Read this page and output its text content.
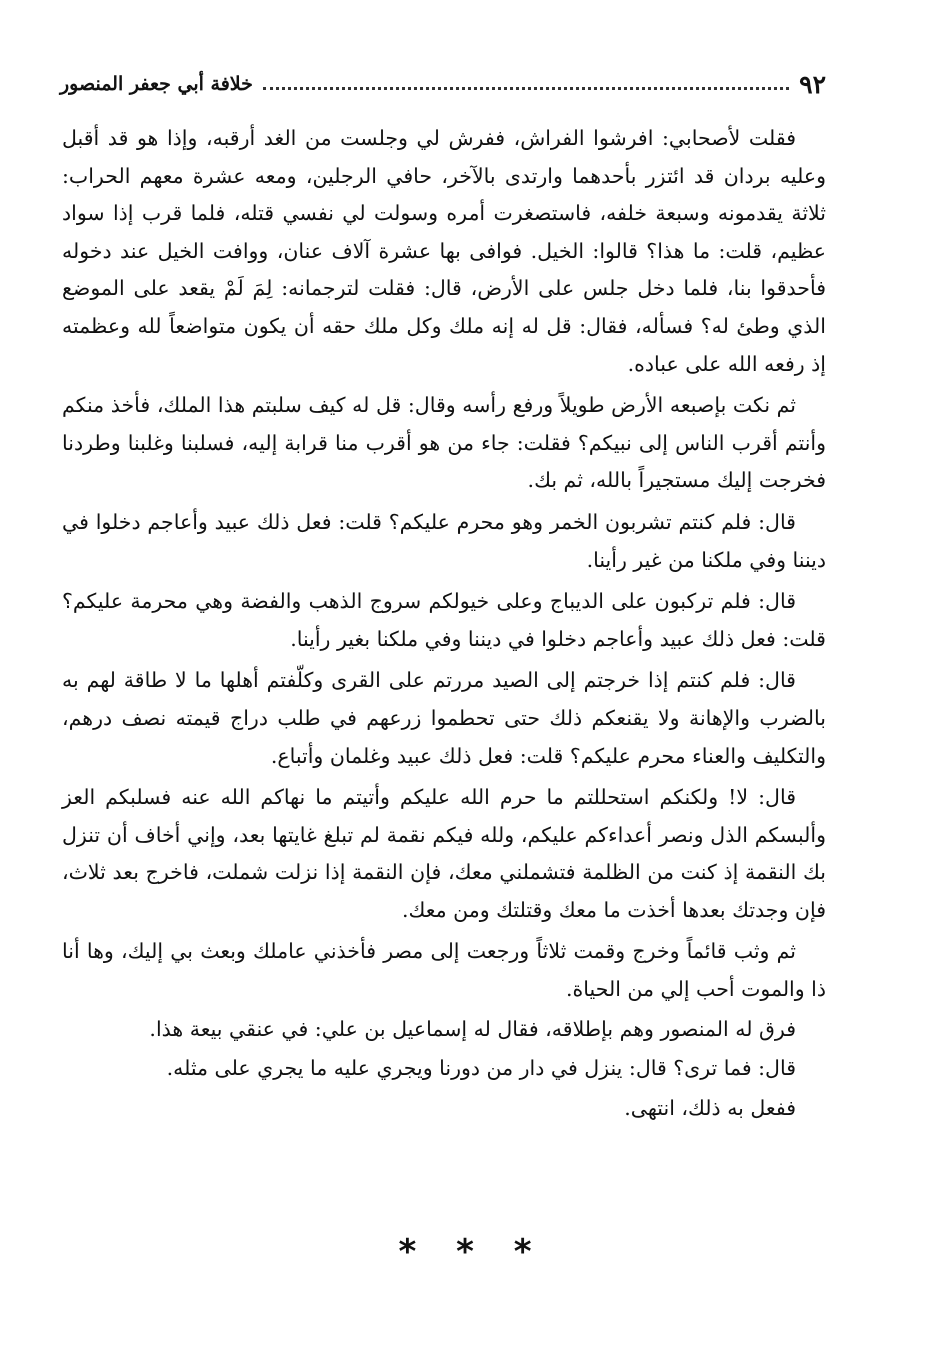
٩٢
خلافة أبي جعفر المنصور

فقلت لأصحابي: افرشوا الفراش، ففرش لي وجلست من الغد أرقبه، وإذا هو قد أقبل وعليه بردان قد ائتزر بأحدهما وارتدى بالآخر، حافي الرجلين، ومعه عشرة معهم الحراب: ثلاثة يقدمونه وسبعة خلفه، فاستصغرت أمره وسولت لي نفسي قتله، فلما قرب إذا سواد عظيم، قلت: ما هذا؟ قالوا: الخيل. فوافى بها عشرة آلاف عنان، ووافت الخيل عند دخوله فأحدقوا بنا، فلما دخل جلس على الأرض، قال: فقلت لترجمانه: لِمَ لَمْ يقعد على الموضع الذي وطئ له؟ فسأله، فقال: قل له إنه ملك وكل ملك حقه أن يكون متواضعاً لله وعظمته إذ رفعه الله على عباده.

ثم نكت بإصبعه الأرض طويلاً ورفع رأسه وقال: قل له كيف سلبتم هذا الملك، فأخذ منكم وأنتم أقرب الناس إلى نبيكم؟ فقلت: جاء من هو أقرب منا قرابة إليه، فسلبنا وغلبنا وطردنا فخرجت إليك مستجيراً بالله، ثم بك.

قال: فلم كنتم تشربون الخمر وهو محرم عليكم؟ قلت: فعل ذلك عبيد وأعاجم دخلوا في ديننا وفي ملكنا من غير رأينا.

قال: فلم تركبون على الديباج وعلى خيولكم سروج الذهب والفضة وهي محرمة عليكم؟ قلت: فعل ذلك عبيد وأعاجم دخلوا في ديننا وفي ملكنا بغير رأينا.

قال: فلم كنتم إذا خرجتم إلى الصيد مررتم على القرى وكلّفتم أهلها ما لا طاقة لهم به بالضرب والإهانة ولا يقنعكم ذلك حتى تحطموا زرعهم في طلب دراج قيمته نصف درهم، والتكليف والعناء محرم عليكم؟ قلت: فعل ذلك عبيد وغلمان وأتباع.

قال: لا! ولكنكم استحللتم ما حرم الله عليكم وأتيتم ما نهاكم الله عنه فسلبكم العز وألبسكم الذل ونصر أعداءكم عليكم، ولله فيكم نقمة لم تبلغ غايتها بعد، وإني أخاف أن تنزل بك النقمة إذ كنت من الظلمة فتشملني معك، فإن النقمة إذا نزلت شملت، فاخرج بعد ثلاث، فإن وجدتك بعدها أخذت ما معك وقتلتك ومن معك.

ثم وثب قائماً وخرج وقمت ثلاثاً ورجعت إلى مصر فأخذني عاملك وبعث بي إليك، وها أنا ذا والموت أحب إلي من الحياة.

فرق له المنصور وهم بإطلاقه، فقال له إسماعيل بن علي: في عنقي بيعة هذا.

قال: فما ترى؟ قال: ينزل في دار من دورنا ويجري عليه ما يجري على مثله.

ففعل به ذلك، انتهى.

* * *
